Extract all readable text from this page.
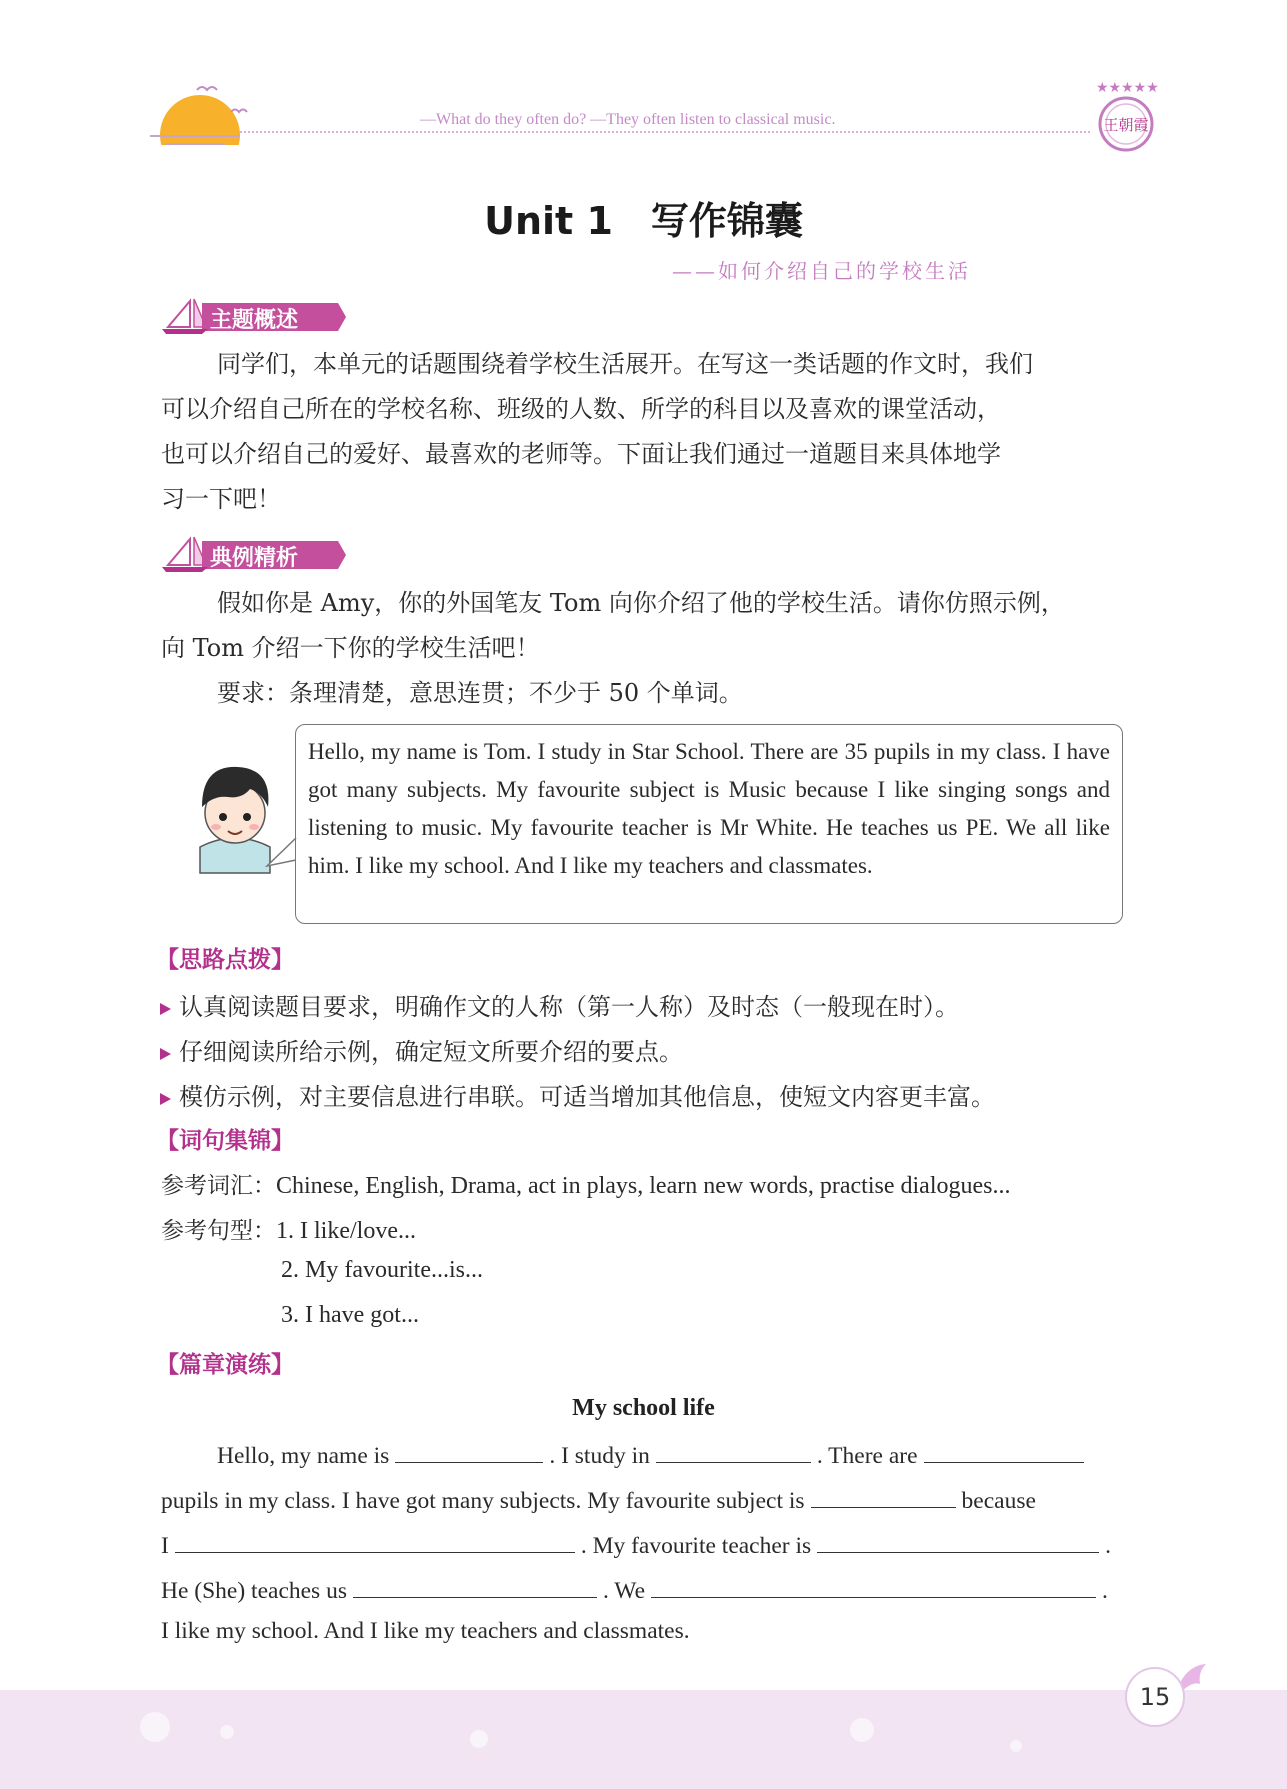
—What do they often do? —They often listen to classical music.
★★★★★
王朝霞
Unit 1　写作锦囊
——如何介绍自己的学校生活
主题概述

同学们，本单元的话题围绕着学校生活展开。在写这一类话题的作文时，我们

可以介绍自己所在的学校名称、班级的人数、所学的科目以及喜欢的课堂活动，

也可以介绍自己的爱好、最喜欢的老师等。下面让我们通过一道题目来具体地学

习一下吧！

典例精析

假如你是 Amy，你的外国笔友 Tom 向你介绍了他的学校生活。请你仿照示例，

向 Tom 介绍一下你的学校生活吧！

要求：条理清楚，意思连贯；不少于 50 个单词。

Hello, my name is Tom. I study in Star School. There are 35 pupils in my class. I have got many subjects. My favourite subject is Music because I like singing songs and listening to music. My favourite teacher is Mr White. He teaches us PE. We all like him. I like my school. And I like my teachers and classmates.
【思路点拨】
认真阅读题目要求，明确作文的人称（第一人称）及时态（一般现在时）。
仔细阅读所给示例，确定短文所要介绍的要点。
模仿示例，对主要信息进行串联。可适当增加其他信息，使短文内容更丰富。
【词句集锦】
参考词汇：Chinese, English, Drama, act in plays, learn new words, practise dialogues...
参考句型：1. I like/love...
2. My favourite...is...
3. I have got...
【篇章演练】
My school life
Hello, my name is	. I study in	. There are
pupils in my class. I have got many subjects. My favourite subject is	because
I	. My favourite teacher is	.
He (She) teaches us	. We	.
I like my school. And I like my teachers and classmates.
15
